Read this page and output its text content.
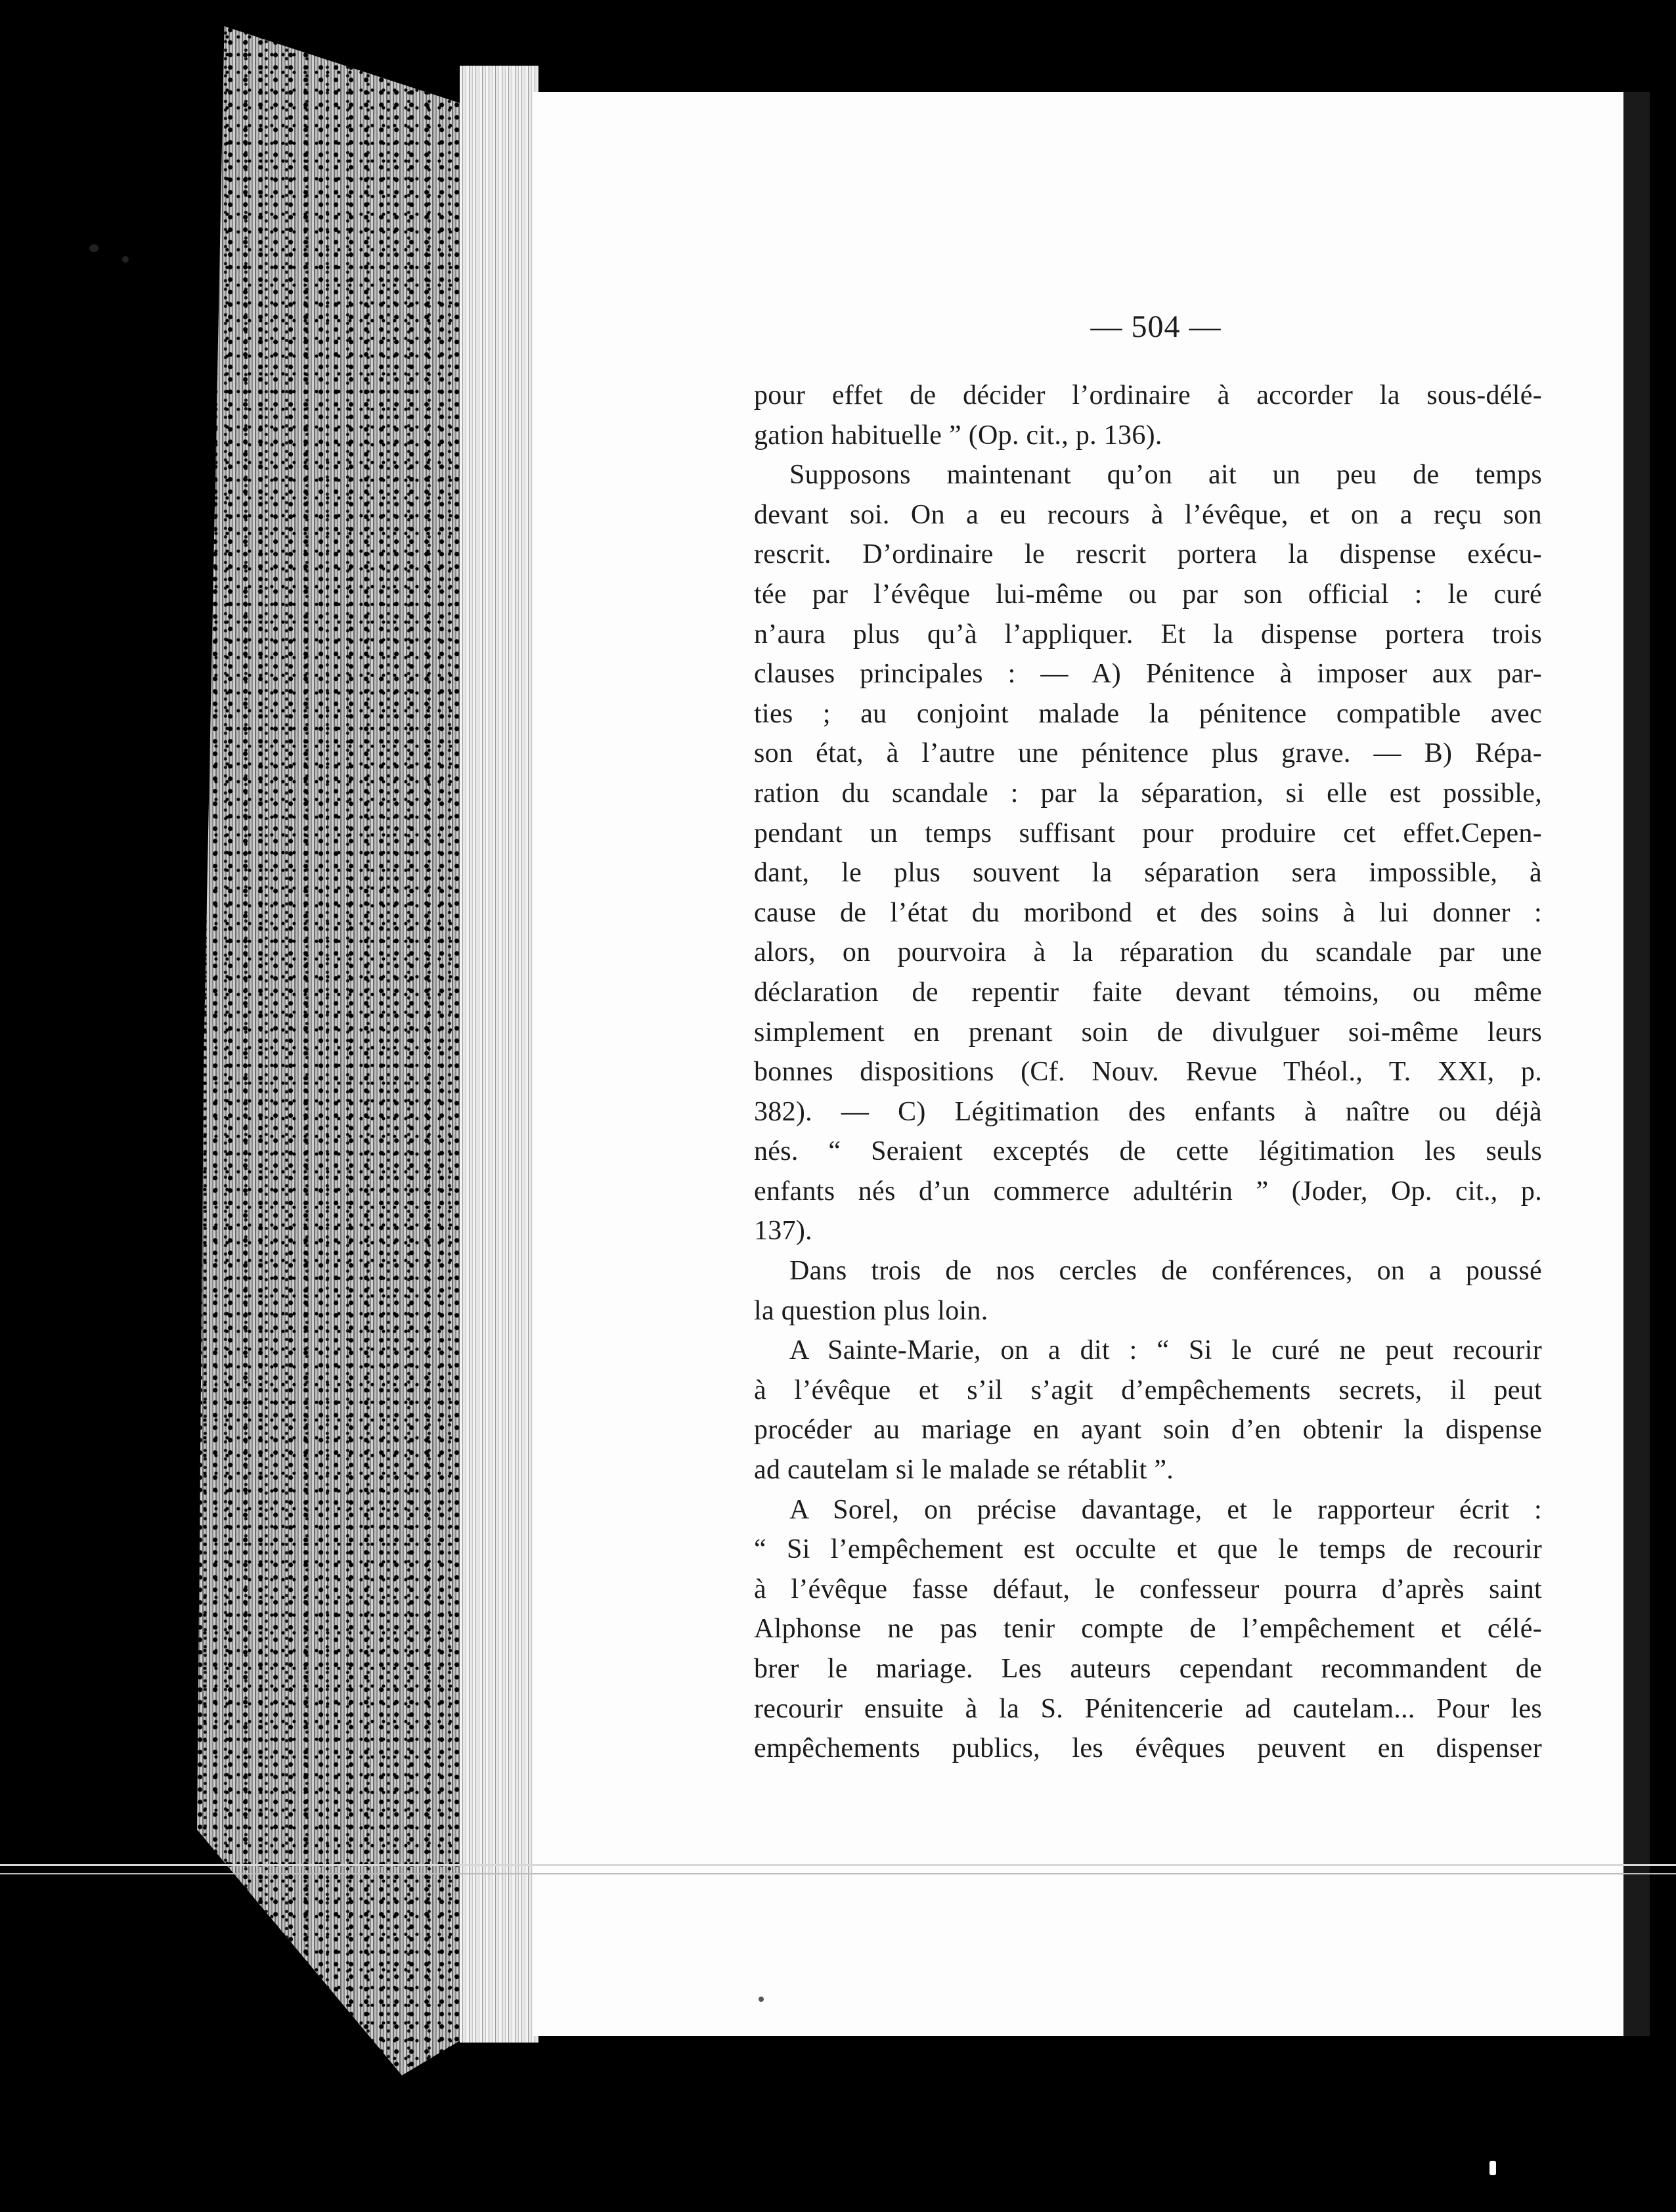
— 504 —
pour effet de décider l’ordinaire à accorder la sous-délé-
gation habituelle ” (Op. cit., p. 136).
Supposons maintenant qu’on ait un peu de temps
devant soi. On a eu recours à l’évêque, et on a reçu son
rescrit. D’ordinaire le rescrit portera la dispense exécu-
tée par l’évêque lui-même ou par son official : le curé
n’aura plus qu’à l’appliquer. Et la dispense portera trois
clauses principales : — A) Pénitence à imposer aux par-
ties ; au conjoint malade la pénitence compatible avec
son état, à l’autre une pénitence plus grave. — B) Répa-
ration du scandale : par la séparation, si elle est possible,
pendant un temps suffisant pour produire cet effet.Cepen-
dant, le plus souvent la séparation sera impossible, à
cause de l’état du moribond et des soins à lui donner :
alors, on pourvoira à la réparation du scandale par une
déclaration de repentir faite devant témoins, ou même
simplement en prenant soin de divulguer soi-même leurs
bonnes dispositions (Cf. Nouv. Revue Théol., T. XXI, p.
382). — C) Légitimation des enfants à naître ou déjà
nés. “ Seraient exceptés de cette légitimation les seuls
enfants nés d’un commerce adultérin ” (Joder, Op. cit., p.
137).
Dans trois de nos cercles de conférences, on a poussé
la question plus loin.
A Sainte-Marie, on a dit : “ Si le curé ne peut recourir
à l’évêque et s’il s’agit d’empêchements secrets, il peut
procéder au mariage en ayant soin d’en obtenir la dispense
ad cautelam si le malade se rétablit ”.
A Sorel, on précise davantage, et le rapporteur écrit :
“ Si l’empêchement est occulte et que le temps de recourir
à l’évêque fasse défaut, le confesseur pourra d’après saint
Alphonse ne pas tenir compte de l’empêchement et célé-
brer le mariage. Les auteurs cependant recommandent de
recourir ensuite à la S. Pénitencerie ad cautelam... Pour les
empêchements publics, les évêques peuvent en dispenser
